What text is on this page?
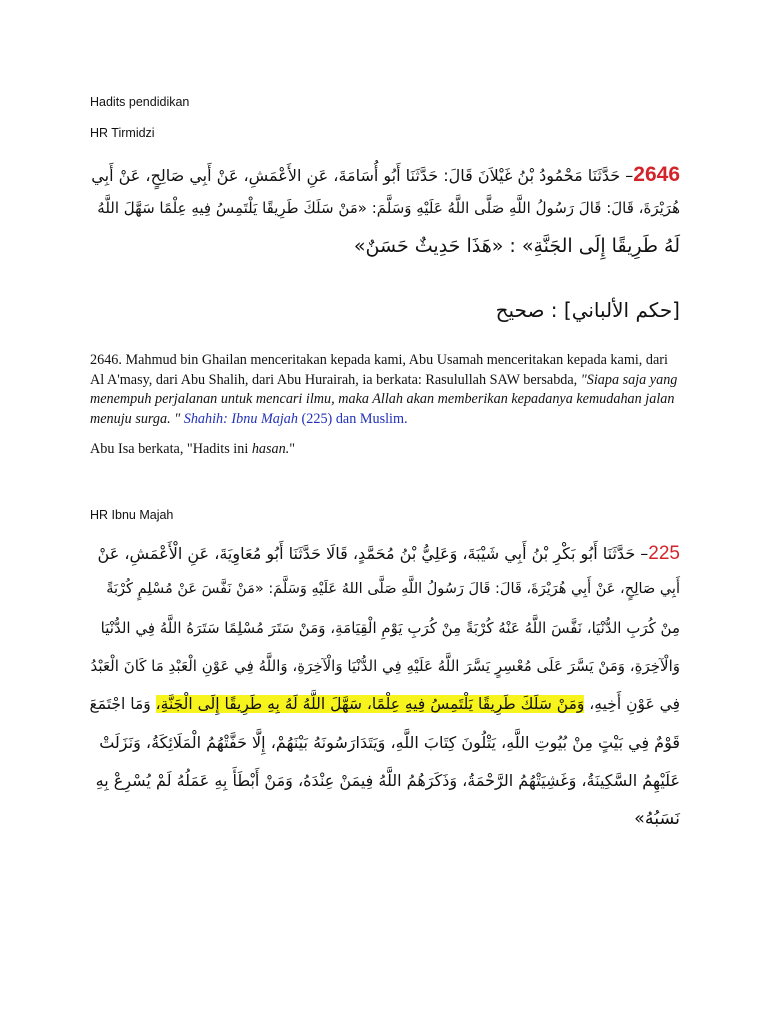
Hadits pendidikan
HR Tirmidzi
2646– حَدَّثَنَا مَحْمُودُ بْنُ غَيْلاَنَ قَالَ: حَدَّثَنَا أَبُو أُسَامَةَ، عَنِ الأَعْمَشِ، عَنْ أَبِي صَالِحٍ، عَنْ أَبِي
هُرَيْرَةَ، قَالَ: قَالَ رَسُولُ اللَّهِ صَلَّى اللَّهُ عَلَيْهِ وَسَلَّمَ: «مَنْ سَلَكَ طَرِيقًا يَلْتَمِسُ فِيهِ عِلْمًا سَهَّلَ اللَّهُ
لَهُ طَرِيقًا إِلَى الجَنَّةِ» : «هَذَا حَدِيثٌ حَسَنٌ»
[حكم الألباني] : صحيح

2646. Mahmud bin Ghailan menceritakan kepada kami, Abu Usamah menceritakan kepada kami, dari Al A'masy, dari Abu Shalih, dari Abu Hurairah, ia berkata: Rasulullah SAW bersabda, "Siapa saja yang menempuh perjalanan untuk mencari ilmu, maka Allah akan memberikan kepadanya kemudahan jalan menuju surga. " Shahih: Ibnu Majah (225) dan Muslim.

Abu Isa berkata, "Hadits ini hasan."

HR Ibnu Majah
225– حَدَّثَنَا أَبُو بَكْرِ بْنُ أَبِي شَيْبَةَ، وَعَلِيُّ بْنُ مُحَمَّدٍ، قَالَا حَدَّثَنَا أَبُو مُعَاوِيَةَ، عَنِ الْأَعْمَشِ، عَنْ
أَبِي صَالِحٍ، عَنْ أَبِي هُرَيْرَةَ، قَالَ: قَالَ رَسُولُ اللَّهِ صَلَّى اللهُ عَلَيْهِ وَسَلَّمَ: «مَنْ نَفَّسَ عَنْ مُسْلِمٍ كُرْبَةً
مِنْ كُرَبِ الدُّنْيَا، نَفَّسَ اللَّهُ عَنْهُ كُرْبَةً مِنْ كُرَبِ يَوْمِ الْقِيَامَةِ، وَمَنْ سَتَرَ مُسْلِمًا سَتَرَهُ اللَّهُ فِي الدُّنْيَا
وَالْآخِرَةِ، وَمَنْ يَسَّرَ عَلَى مُعْسِرٍ يَسَّرَ اللَّهُ عَلَيْهِ فِي الدُّنْيَا وَالْآخِرَةِ، وَاللَّهُ فِي عَوْنِ الْعَبْدِ مَا كَانَ الْعَبْدُ
فِي عَوْنِ أَخِيهِ، وَمَنْ سَلَكَ طَرِيقًا يَلْتَمِسُ فِيهِ عِلْمًا، سَهَّلَ اللَّهُ لَهُ بِهِ طَرِيقًا إِلَى الْجَنَّةِ، وَمَا اجْتَمَعَ
قَوْمٌ فِي بَيْتٍ مِنْ بُيُوتِ اللَّهِ، يَتْلُونَ كِتَابَ اللَّهِ، وَيَتَدَارَسُونَهُ بَيْنَهُمْ، إِلَّا حَفَّتْهُمُ الْمَلَائِكَةُ، وَنَزَلَتْ
عَلَيْهِمُ السَّكِينَةُ، وَغَشِيَتْهُمُ الرَّحْمَةُ، وَذَكَرَهُمُ اللَّهُ فِيمَنْ عِنْدَهُ، وَمَنْ أَبْطَأَ بِهِ عَمَلُهُ لَمْ يُسْرِعْ بِهِ
نَسَبُهُ»
